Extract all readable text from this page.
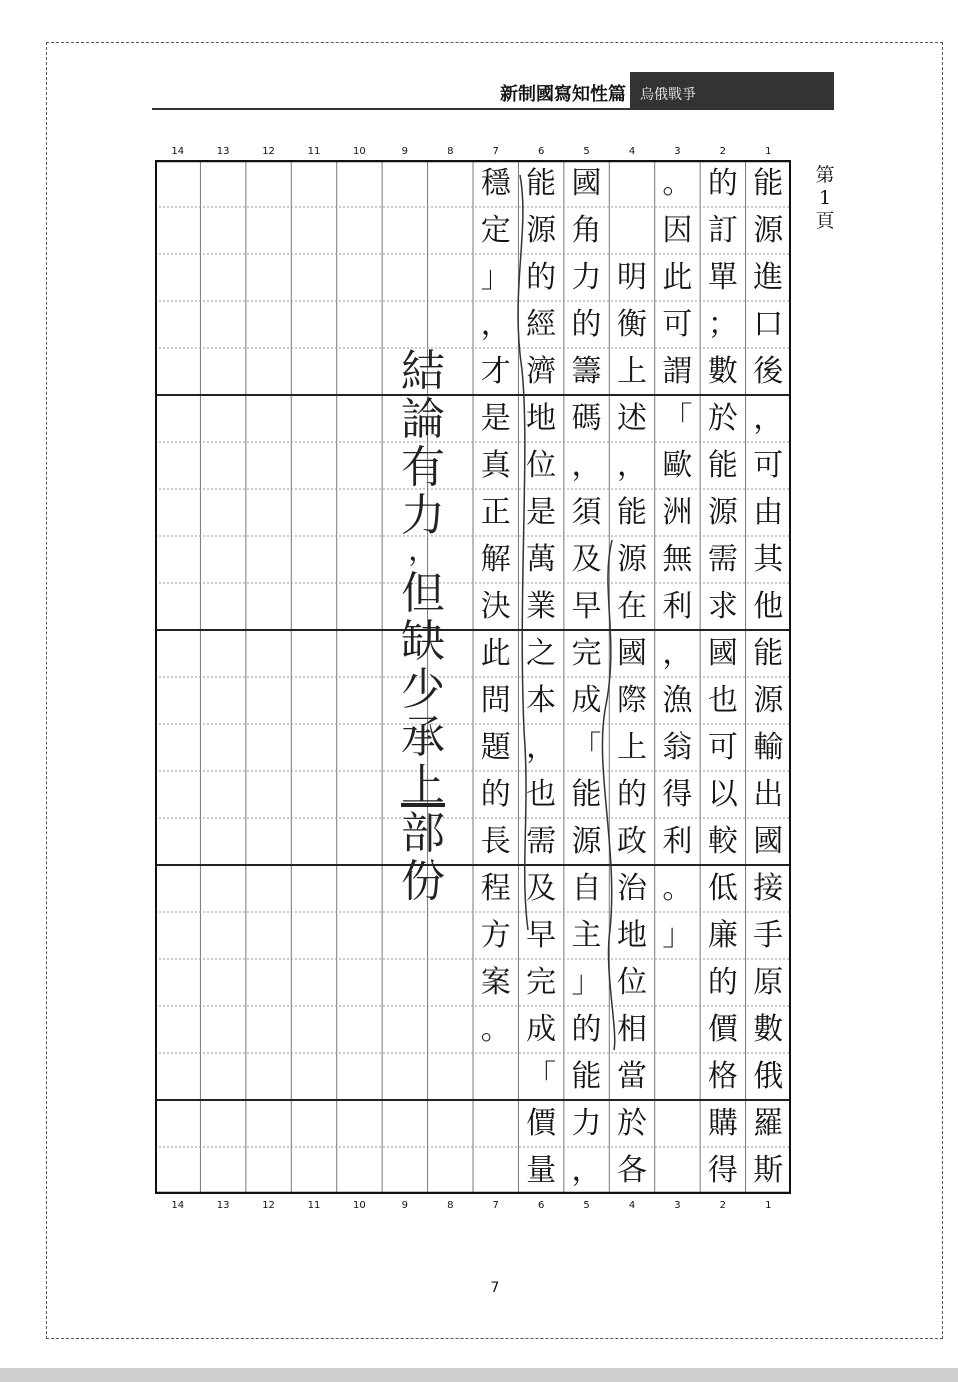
新制國寫知性篇	烏俄戰爭
14	13	12	11	10	9	8	7	6	5	4	3	2	1
14	13	12	11	10	9	8	7	6	5	4	3	2	1
第
1
頁
能
源
進
口
後
，
可
由
其
他
能
源
輸
出
國
接
手
原
數
俄
羅
斯
的
訂
單
；
數
於
能
源
需
求
國
也
可
以
較
低
廉
的
價
格
購
得
。
因
此
可
謂
「
歐
洲
無
利
，
漁
翁
得
利
。
」
明
衡
上
述
，
能
源
在
國
際
上
的
政
治
地
位
相
當
於
各
國
角
力
的
籌
碼
，
須
及
早
完
成
「
能
源
自
主
」
的
能
力
，
能
源
的
經
濟
地
位
是
萬
業
之
本
，
也
需
及
早
完
成
「
價
量
穩
定
」
，
才
是
真
正
解
決
此
問
題
的
長
程
方
案
。
結
論
有
力
，
但
缺
少
承
上
部
份
7
